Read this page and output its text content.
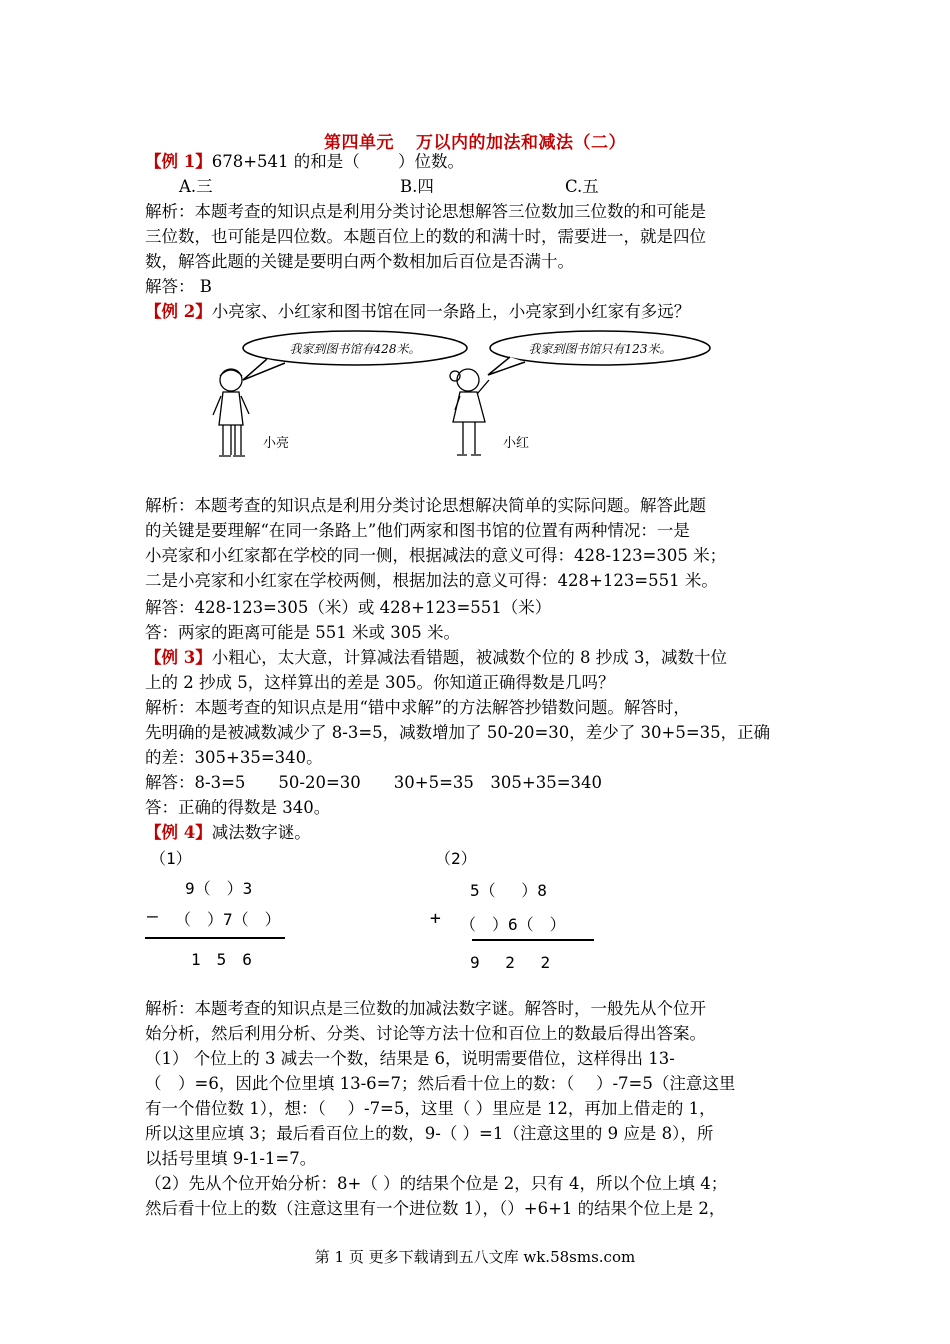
第四单元 万以内的加法和减法（二）
【例 1】678+541 的和是（　　 ）位数。
A.三	B.四	C.五
解析：本题考查的知识点是利用分类讨论思想解答三位数加三位数的和可能是
三位数，也可能是四位数。本题百位上的数的和满十时，需要进一，就是四位
数，解答此题的关键是要明白两个数相加后百位是否满十。
解答： B
【例 2】小亮家、小红家和图书馆在同一条路上，小亮家到小红家有多远？
我家到图书馆有428米。	我家到图书馆只有123米。
小亮	小红
解析：本题考查的知识点是利用分类讨论思想解决简单的实际问题。解答此题
的关键是要理解“在同一条路上”他们两家和图书馆的位置有两种情况：一是
小亮家和小红家都在学校的同一侧，根据减法的意义可得：428-123=305 米；
二是小亮家和小红家在学校两侧，根据加法的意义可得：428+123=551 米。
解答：428-123=305（米）或 428+123=551（米）
答：两家的距离可能是 551 米或 305 米。
【例 3】小粗心，太大意，计算减法看错题，被减数个位的 8 抄成 3，减数十位
上的 2 抄成 5，这样算出的差是 305。你知道正确得数是几吗？
解析：本题考查的知识点是用“错中求解”的方法解答抄错数问题。解答时，
先明确的是被减数减少了 8-3=5，减数增加了 50-20=30，差少了 30+5=35，正确
的差：305+35=340。
解答：8-3=5　　50-20=30　　30+5=35　305+35=340
答：正确的得数是 340。
【例 4】减法数字谜。
（1）
9（　）3
— （　）7（　）
1　5　6
（2）
5（　 ）8
+ （　）6（　）
9　 2　 2
解析：本题考查的知识点是三位数的加减法数字谜。解答时，一般先从个位开
始分析，然后利用分析、分类、讨论等方法十位和百位上的数最后得出答案。
（1） 个位上的 3 减去一个数，结果是 6，说明需要借位，这样得出 13-
（　）=6，因此个位里填 13-6=7；然后看十位上的数：（　 ）-7=5（注意这里
有一个借位数 1），想：（　 ）-7=5，这里（ ）里应是 12，再加上借走的 1，
所以这里应填 3；最后看百位上的数，9-（ ）=1（注意这里的 9 应是 8），所
以括号里填 9-1-1=7。
（2）先从个位开始分析：8+（ ）的结果个位是 2，只有 4，所以个位上填 4；
然后看十位上的数（注意这里有一个进位数 1），（）+6+1 的结果个位上是 2，
第 1 页 更多下载请到五八文库 wk.58sms.com
